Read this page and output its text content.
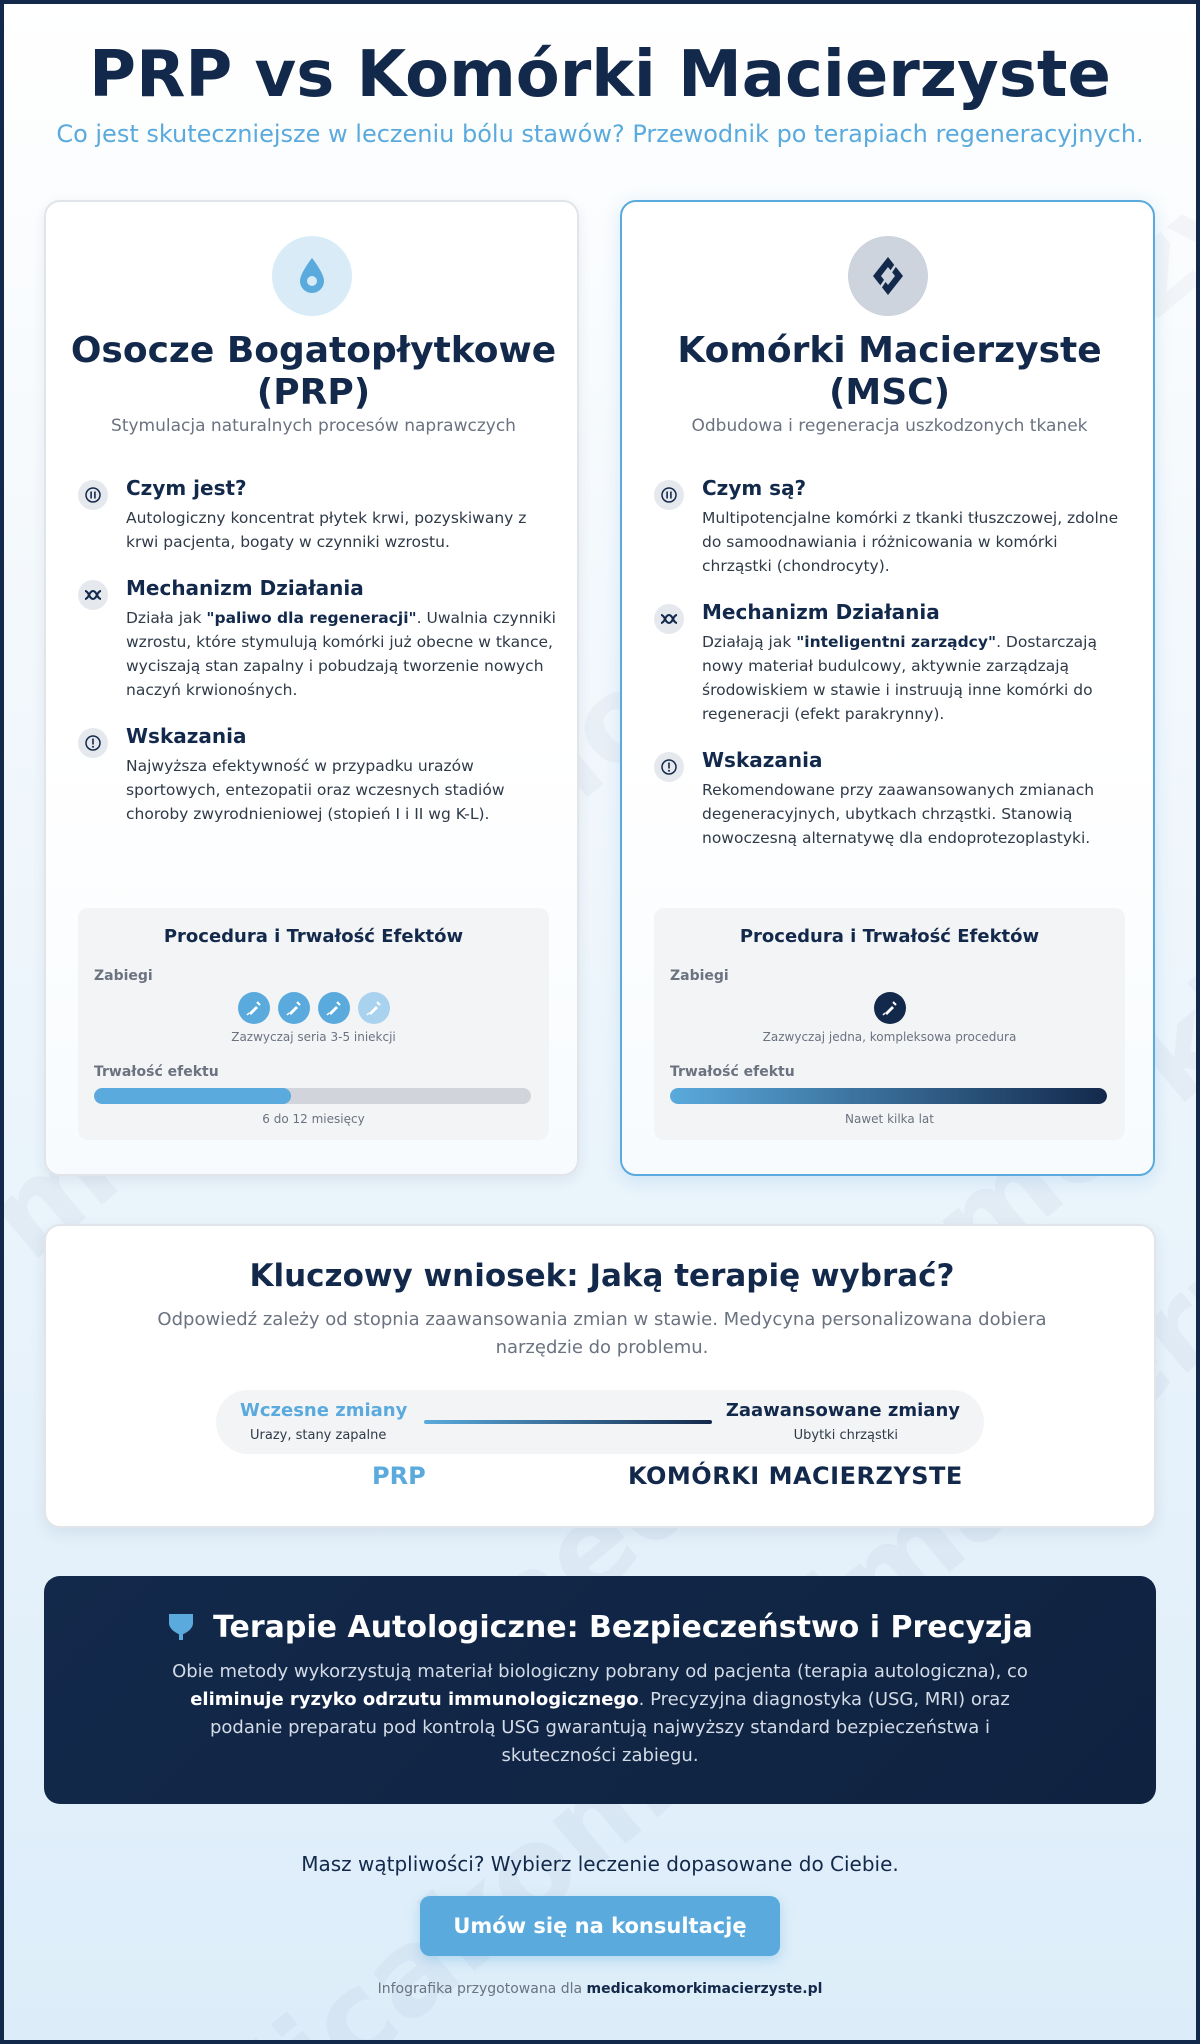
PRP vs Komórki Macierzyste

Co jest skuteczniejsze w leczeniu bólu stawów? Przewodnik po terapiach regeneracyjnych.

Osocze Bogatopłytkowe (PRP)

Stymulacja naturalnych procesów naprawczych

Czym jest?
Autologiczny koncentrat płytek krwi, pozyskiwany z krwi pacjenta, bogaty w czynniki wzrostu.
Mechanizm Działania
Działa jak "paliwo dla regeneracji". Uwalnia czynniki wzrostu, które stymulują komórki już obecne w tkance, wyciszają stan zapalny i pobudzają tworzenie nowych naczyń krwionośnych.
Wskazania
Najwyższa efektywność w przypadku urazów sportowych, entezopatii oraz wczesnych stadiów choroby zwyrodnieniowej (stopień I i II wg K-L).
Procedura i Trwałość Efektów
Zabiegi
Zazwyczaj seria 3-5 iniekcji
Trwałość efektu
6 do 12 miesięcy
Komórki Macierzyste (MSC)

Odbudowa i regeneracja uszkodzonych tkanek

Czym są?
Multipotencjalne komórki z tkanki tłuszczowej, zdolne do samoodnawiania i różnicowania w komórki chrząstki (chondrocyty).
Mechanizm Działania
Działają jak "inteligentni zarządcy". Dostarczają nowy materiał budulcowy, aktywnie zarządzają środowiskiem w stawie i instruują inne komórki do regeneracji (efekt parakrynny).
Wskazania
Rekomendowane przy zaawansowanych zmianach degeneracyjnych, ubytkach chrząstki. Stanowią nowoczesną alternatywę dla endoprotezoplastyki.
Procedura i Trwałość Efektów
Zabiegi
Zazwyczaj jedna, kompleksowa procedura
Trwałość efektu
Nawet kilka lat
Kluczowy wniosek: Jaką terapię wybrać?

Odpowiedź zależy od stopnia zaawansowania zmian w stawie. Medycyna personalizowana dobiera narzędzie do problemu.

Wczesne zmiany
Urazy, stany zapalne
Zaawansowane zmiany
Ubytki chrząstki
PRP	KOMÓRKI MACIERZYSTE
Terapie Autologiczne: Bezpieczeństwo i Precyzja

Obie metody wykorzystują materiał biologiczny pobrany od pacjenta (terapia autologiczna), co eliminuje ryzyko odrzutu immunologicznego. Precyzyjna diagnostyka (USG, MRI) oraz podanie preparatu pod kontrolą USG gwarantują najwyższy standard bezpieczeństwa i skuteczności zabiegu.

Masz wątpliwości? Wybierz leczenie dopasowane do Ciebie.

Umów się na konsultację

Infografika przygotowana dla medicakomorkimacierzyste.pl
